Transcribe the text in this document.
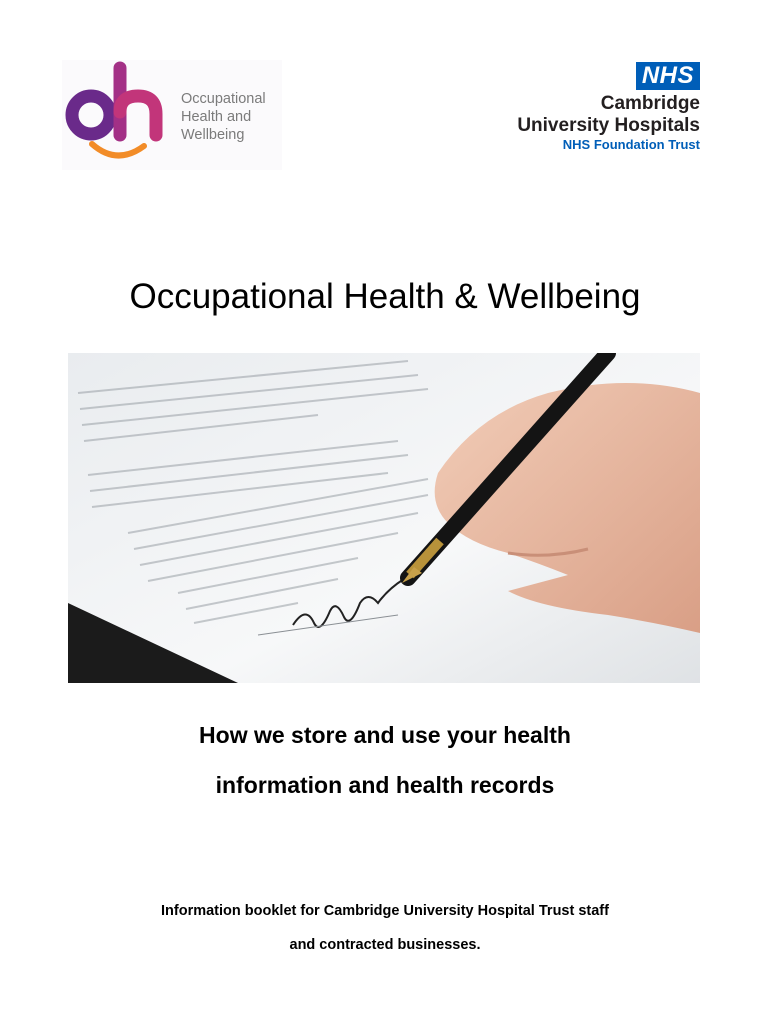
Occupational
Health and
Wellbeing
NHS
Cambridge
University Hospitals
NHS Foundation Trust
Occupational Health & Wellbeing
How we store and use your health
information and health records
Information booklet for Cambridge University Hospital Trust staff
and contracted businesses.
